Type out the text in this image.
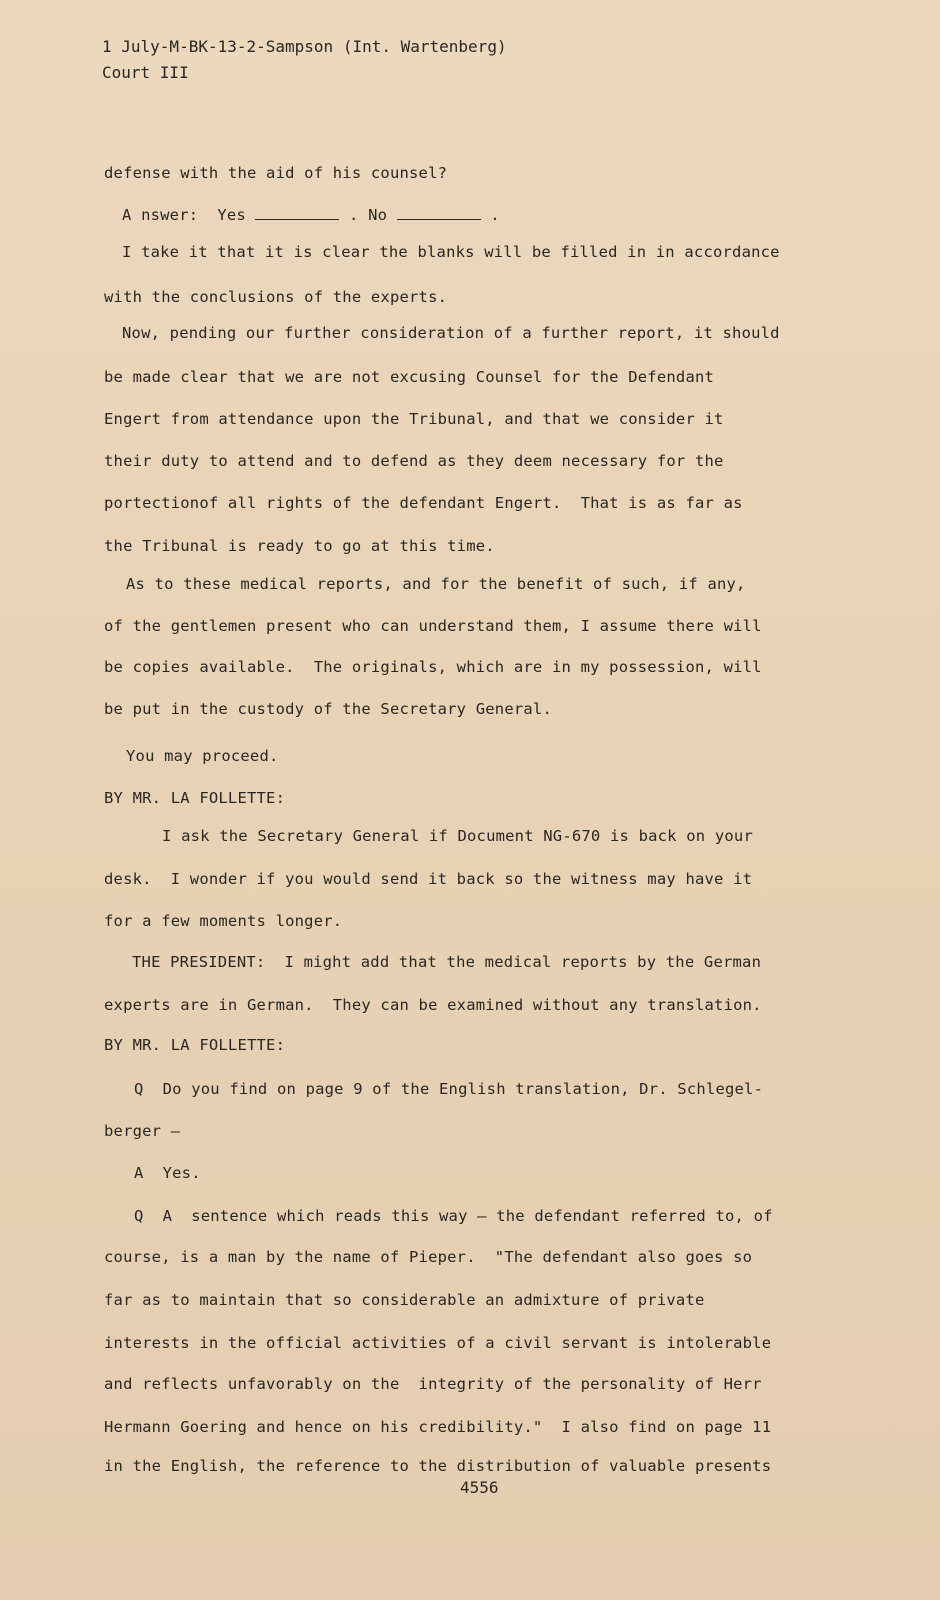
1 July-M-BK-13-2-Sampson (Int. Wartenberg)
Court III
defense with the aid of his counsel?
A nswer:  Yes	. No	.
I take it that it is clear the blanks will be filled in in accordance
with the conclusions of the experts.
Now, pending our further consideration of a further report, it should
be made clear that we are not excusing Counsel for the Defendant
Engert from attendance upon the Tribunal, and that we consider it
their duty to attend and to defend as they deem necessary for the
portectionof all rights of the defendant Engert.  That is as far as
the Tribunal is ready to go at this time.
As to these medical reports, and for the benefit of such, if any,
of the gentlemen present who can understand them, I assume there will
be copies available.  The originals, which are in my possession, will
be put in the custody of the Secretary General.
You may proceed.
BY MR. LA FOLLETTE:
I ask the Secretary General if Document NG-670 is back on your
desk.  I wonder if you would send it back so the witness may have it
for a few moments longer.
THE PRESIDENT:  I might add that the medical reports by the German
experts are in German.  They can be examined without any translation.
BY MR. LA FOLLETTE:
Q  Do you find on page 9 of the English translation, Dr. Schlegel-
berger —
A  Yes.
Q  A  sentence which reads this way — the defendant referred to, of
course, is a man by the name of Pieper.  "The defendant also goes so
far as to maintain that so considerable an admixture of private
interests in the official activities of a civil servant is intolerable
and reflects unfavorably on the  integrity of the personality of Herr
Hermann Goering and hence on his credibility."  I also find on page 11
in the English, the reference to the distribution of valuable presents
4556
